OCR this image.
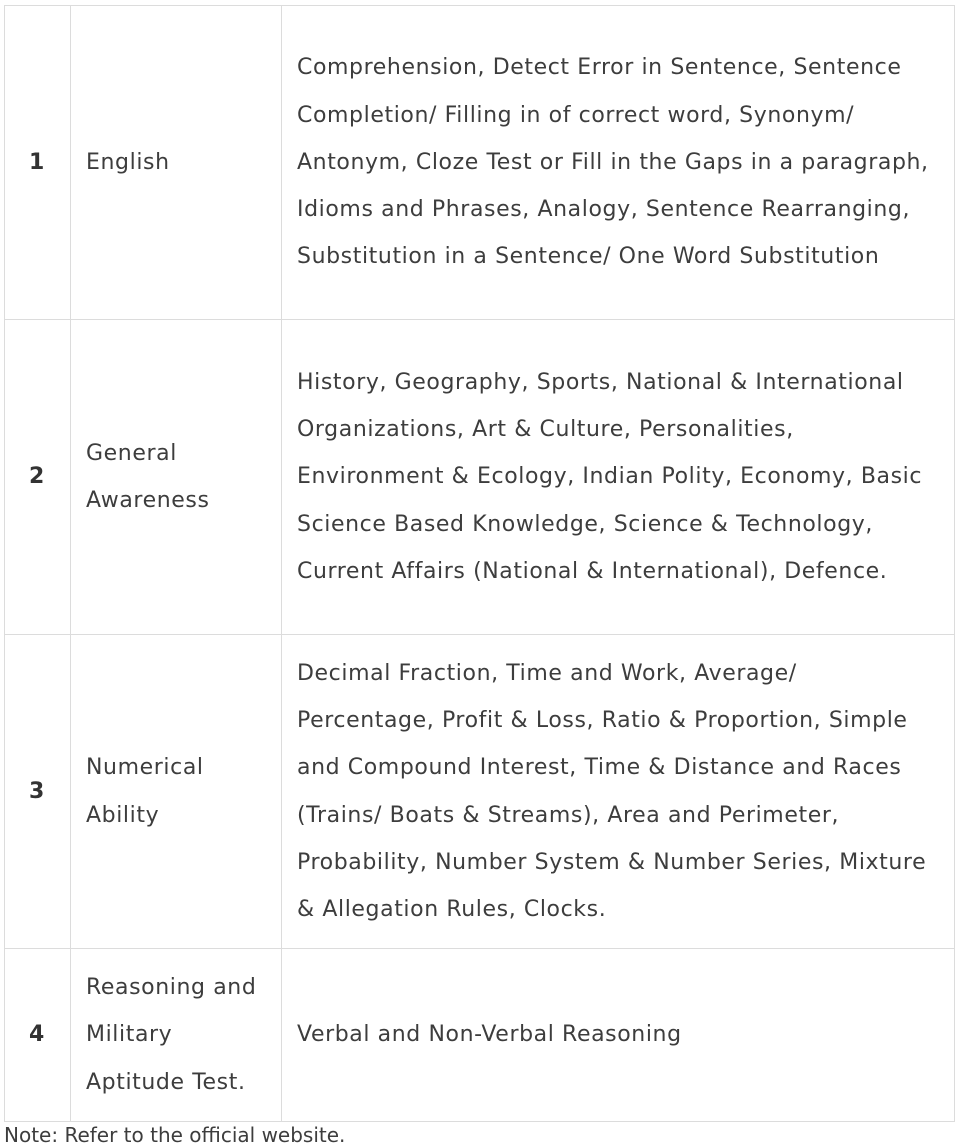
1	English	Comprehension, Detect Error in Sentence, Sentence Completion/ Filling in of correct word, Synonym/ Antonym, Cloze Test or Fill in the Gaps in a paragraph, Idioms and Phrases, Analogy, Sentence Rearranging, Substitution in a Sentence/ One Word Substitution
2	General Awareness	History, Geography, Sports, National & International Organizations, Art & Culture, Personalities, Environment & Ecology, Indian Polity, Economy, Basic Science Based Knowledge, Science & Technology, Current Affairs (National & International), Defence.
3	Numerical Ability	Decimal Fraction, Time and Work, Average/ Percentage, Profit & Loss, Ratio & Proportion, Simple and Compound Interest, Time & Distance and Races (Trains/ Boats & Streams), Area and Perimeter, Probability, Number System & Number Series, Mixture & Allegation Rules, Clocks.
4	Reasoning and Military Aptitude Test.	Verbal and Non-Verbal Reasoning
Note: Refer to the official website.
